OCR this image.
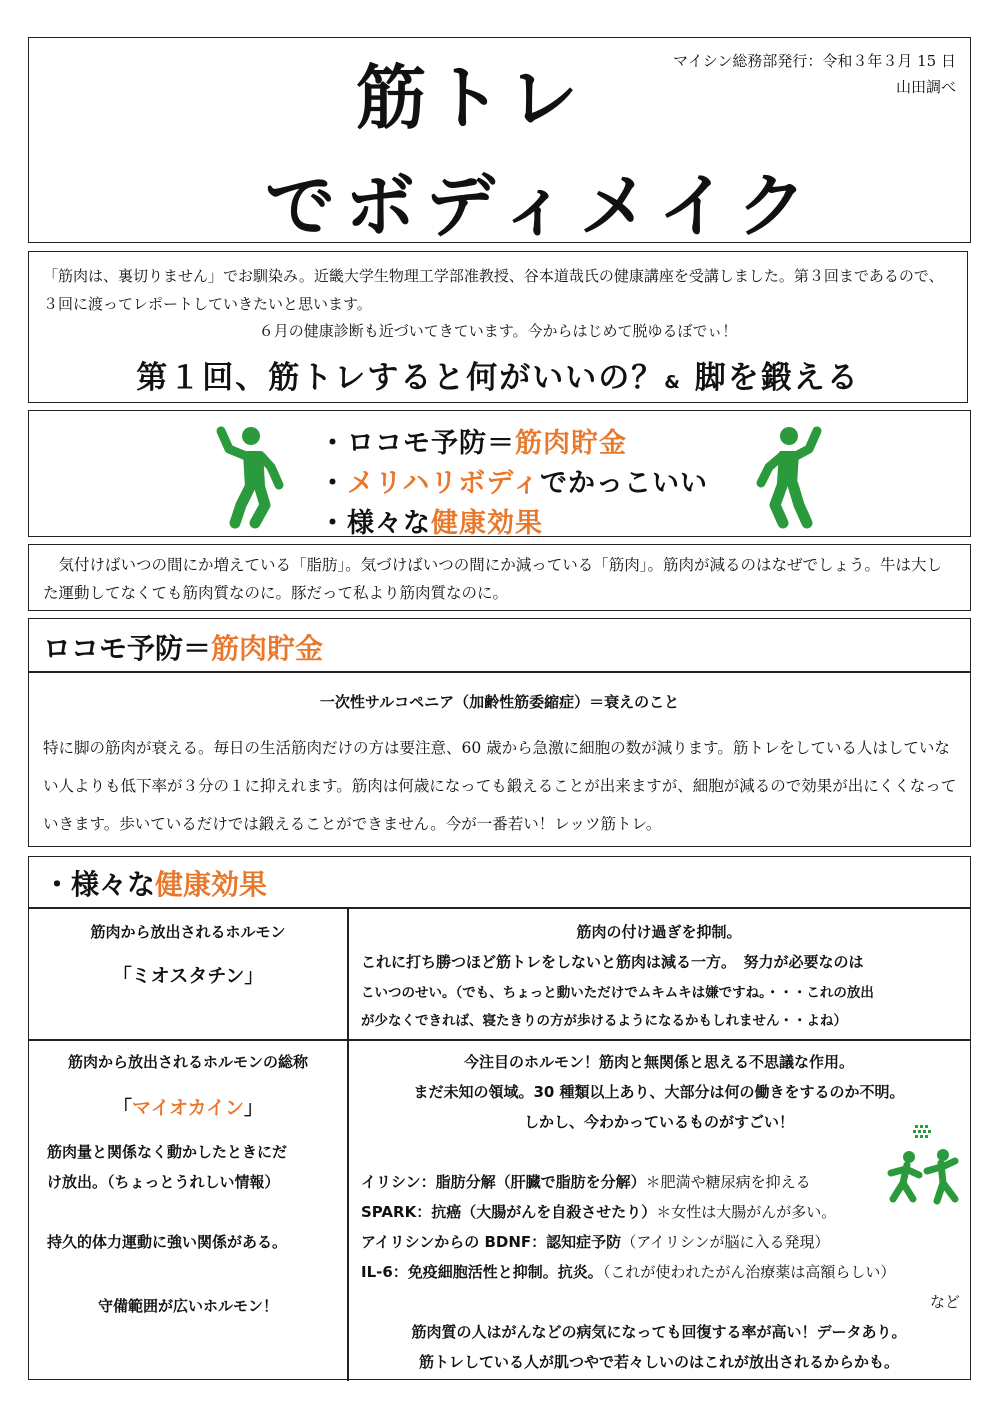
筋トレ
でボディメイク
マイシン総務部発行：令和３年３月 15 日
山田調べ
「筋肉は、裏切りません」でお馴染み。近畿大学生物理工学部准教授、谷本道哉氏の健康講座を受講しました。第３回まであるので、３回に渡ってレポートしていきたいと思います。
６月の健康診断も近づいてきています。今からはじめて脱ゆるぼでぃ！
第１回、筋トレすると何がいいの？& 脚を鍛える
・ロコモ予防＝筋肉貯金
・メリハリボディでかっこいい
・様々な健康効果
気付けばいつの間にか増えている「脂肪」。気づけばいつの間にか減っている「筋肉」。筋肉が減るのはなぜでしょう。牛は大した運動してなくても筋肉質なのに。豚だって私より筋肉質なのに。
ロコモ予防＝筋肉貯金
一次性サルコペニア（加齢性筋委縮症）＝衰えのこと
特に脚の筋肉が衰える。毎日の生活筋肉だけの方は要注意、60 歳から急激に細胞の数が減ります。筋トレをしている人はしていない人よりも低下率が３分の１に抑えれます。筋肉は何歳になっても鍛えることが出来ますが、細胞が減るので効果が出にくくなっていきます。歩いているだけでは鍛えることができません。今が一番若い！レッツ筋トレ。
・様々な健康効果
筋肉から放出されるホルモン
「ミオスタチン」
筋肉の付け過ぎを抑制。
これに打ち勝つほど筋トレをしないと筋肉は減る一方。　努力が必要なのは
こいつのせい。（でも、ちょっと動いただけでムキムキは嫌ですね。・・・これの放出
が少なくできれば、寝たきりの方が歩けるようになるかもしれません・・よね）
筋肉から放出されるホルモンの総称
「マイオカイン」
筋肉量と関係なく動かしたときにだ
け放出。（ちょっとうれしい情報）
持久的体力運動に強い関係がある。
守備範囲が広いホルモン！
今注目のホルモン！筋肉と無関係と思える不思議な作用。
まだ未知の領域。30 種類以上あり、大部分は何の働きをするのか不明。
しかし、今わかっているものがすごい！
イリシン：脂肪分解（肝臓で脂肪を分解）＊肥満や糖尿病を抑える
SPARK：抗癌（大腸がんを自殺させたり）＊女性は大腸がんが多い。
アイリシンからの BDNF：認知症予防（アイリシンが脳に入る発現）
IL-6：免疫細胞活性と抑制。抗炎。（これが使われたがん治療薬は高額らしい）
など
筋肉質の人はがんなどの病気になっても回復する率が高い！データあり。
筋トレしている人が肌つやで若々しいのはこれが放出されるからかも。
